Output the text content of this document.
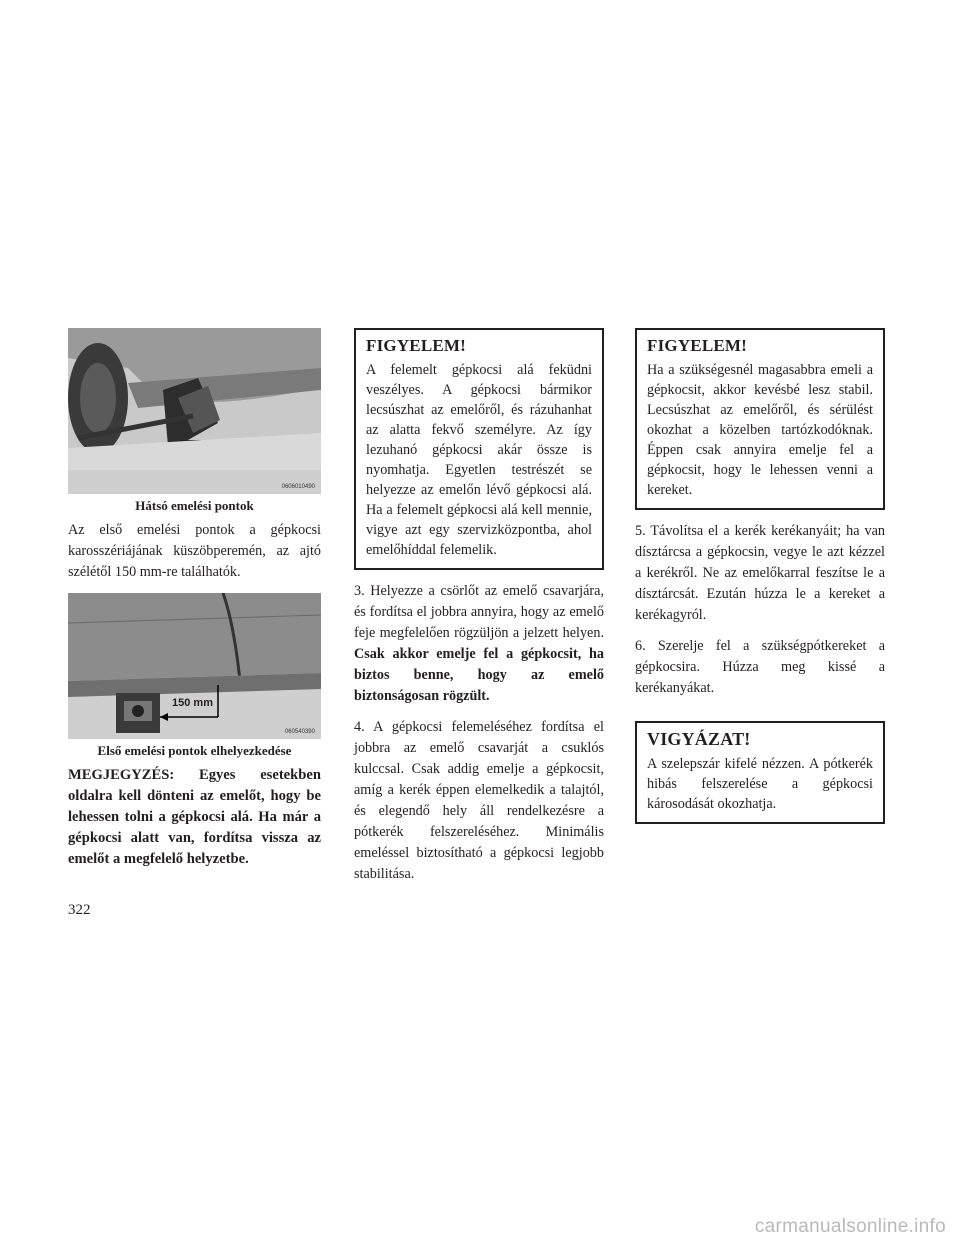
0606010490
Hátsó emelési pontok

Az első emelési pontok a gépkocsi karosszériájának küszöbperemén, az ajtó szélétől 150 mm-re találhatók.

150 mm
060540390
Első emelési pontok elhelyezkedése

MEGJEGYZÉS: Egyes esetekben oldalra kell dönteni az emelőt, hogy be lehessen tolni a gépkocsi alá. Ha már a gépkocsi alatt van, fordítsa vissza az emelőt a megfelelő helyzetbe.

FIGYELEM!

A felemelt gépkocsi alá feküdni veszélyes. A gépkocsi bármikor lecsúszhat az emelőről, és rázuhanhat az alatta fekvő személyre. Az így lezuhanó gépkocsi akár össze is nyomhatja. Egyetlen testrészét se helyezze az emelőn lévő gépkocsi alá. Ha a felemelt gépkocsi alá kell mennie, vigye azt egy szervizközpontba, ahol emelőhíddal felemelik.

3. Helyezze a csörlőt az emelő csavarjára, és fordítsa el jobbra annyira, hogy az emelő feje megfelelően rögzüljön a jelzett helyen. Csak akkor emelje fel a gépkocsit, ha biztos benne, hogy az emelő biztonságosan rögzült.

4. A gépkocsi felemeléséhez fordítsa el jobbra az emelő csavarját a csuklós kulccsal. Csak addig emelje a gépkocsit, amíg a kerék éppen elemelkedik a talajtól, és elegendő hely áll rendelkezésre a pótkerék felszereléséhez. Minimális emeléssel biztosítható a gépkocsi legjobb stabilitása.

FIGYELEM!

Ha a szükségesnél magasabbra emeli a gépkocsit, akkor kevésbé lesz stabil. Lecsúszhat az emelőről, és sérülést okozhat a közelben tartózkodóknak. Éppen csak annyira emelje fel a gépkocsit, hogy le lehessen venni a kereket.

5. Távolítsa el a kerék kerékanyáit; ha van dísztárcsa a gépkocsin, vegye le azt kézzel a kerékről. Ne az emelőkarral feszítse le a dísztárcsát. Ezután húzza le a kereket a kerékagyról.

6. Szerelje fel a szükségpótkereket a gépkocsira. Húzza meg kissé a kerékanyákat.

VIGYÁZAT!

A szelepszár kifelé nézzen. A pótkerék hibás felszerelése a gépkocsi károsodását okozhatja.

322
carmanualsonline.info
